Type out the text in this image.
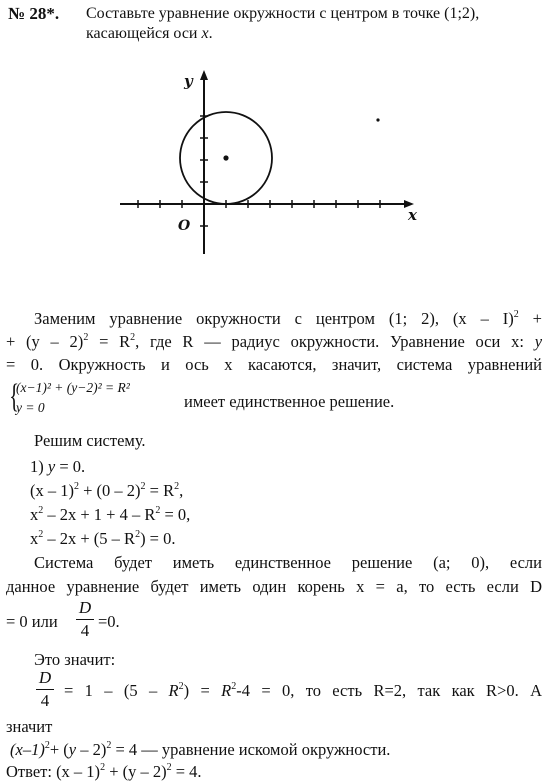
№ 28*. Составьте уравнение окружности с центром в точке (1;2), касающейся оси x.
y
x
O
Заменим уравнение окружности с центром (1; 2), (x – I)$^2$ +
+ $(y - 2)^2 = R^2$, где R — радиус окружности. Уравнение оси x: y
= 0. Окружность и ось x касаются, значит, система уравнений
{
(x−1)² + (y−2)² = R²
y = 0	имеет единственное решение.
Решим систему.
1) y = 0.
$(x - 1)^2 + (0 - 2)^2 = R^2$,
$x^2 - 2x + 1 + 4 - R^2 = 0$,
$x^2 - 2x + (5 - R^2) = 0$.
Система будет иметь единственное решение (a; 0), если
данное уравнение будет иметь один корень x = a, то есть если D
= 0 или
D
4 =0.
Это значит:
D
4
= $1 - (5 - R^2) = R^2-4 = 0$, то есть R=2, так как R>0. А
значит
$(x-1)^2+ (y - 2)^2 = 4$ — уравнение искомой окружности.
Ответ: (x – 1)$^2$ + (y – 2)$^2$ = 4.
